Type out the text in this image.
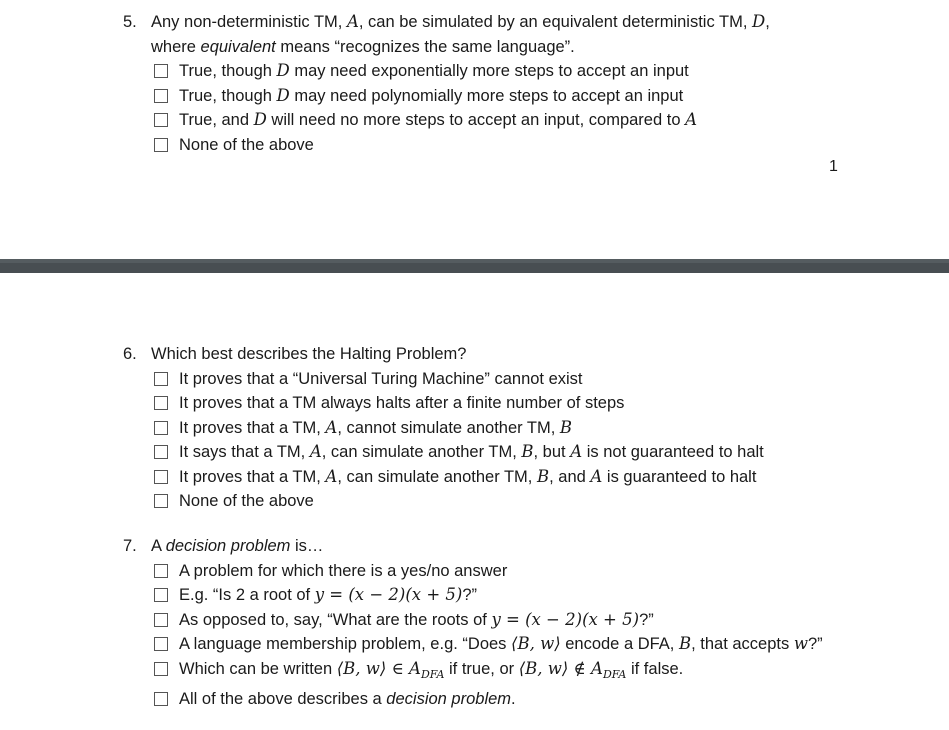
5. Any non-deterministic TM, A, can be simulated by an equivalent deterministic TM, D,
where equivalent means “recognizes the same language”.
True, though D may need exponentially more steps to accept an input
True, though D may need polynomially more steps to accept an input
True, and D will need no more steps to accept an input, compared to A
None of the above
1
6. Which best describes the Halting Problem?
It proves that a “Universal Turing Machine” cannot exist
It proves that a TM always halts after a finite number of steps
It proves that a TM, A, cannot simulate another TM, B
It says that a TM, A, can simulate another TM, B, but A is not guaranteed to halt
It proves that a TM, A, can simulate another TM, B, and A is guaranteed to halt
None of the above
7. A decision problem is…
A problem for which there is a yes/no answer
E.g. “Is 2 a root of y = (x − 2)(x + 5)?”
As opposed to, say, “What are the roots of y = (x − 2)(x + 5)?”
A language membership problem, e.g. “Does ⟨B, w⟩ encode a DFA, B, that accepts w?”
Which can be written ⟨B, w⟩ ∈ $A_{DFA}$ if true, or ⟨B, w⟩ ∉ $A_{DFA}$ if false.
All of the above describes a decision problem.
